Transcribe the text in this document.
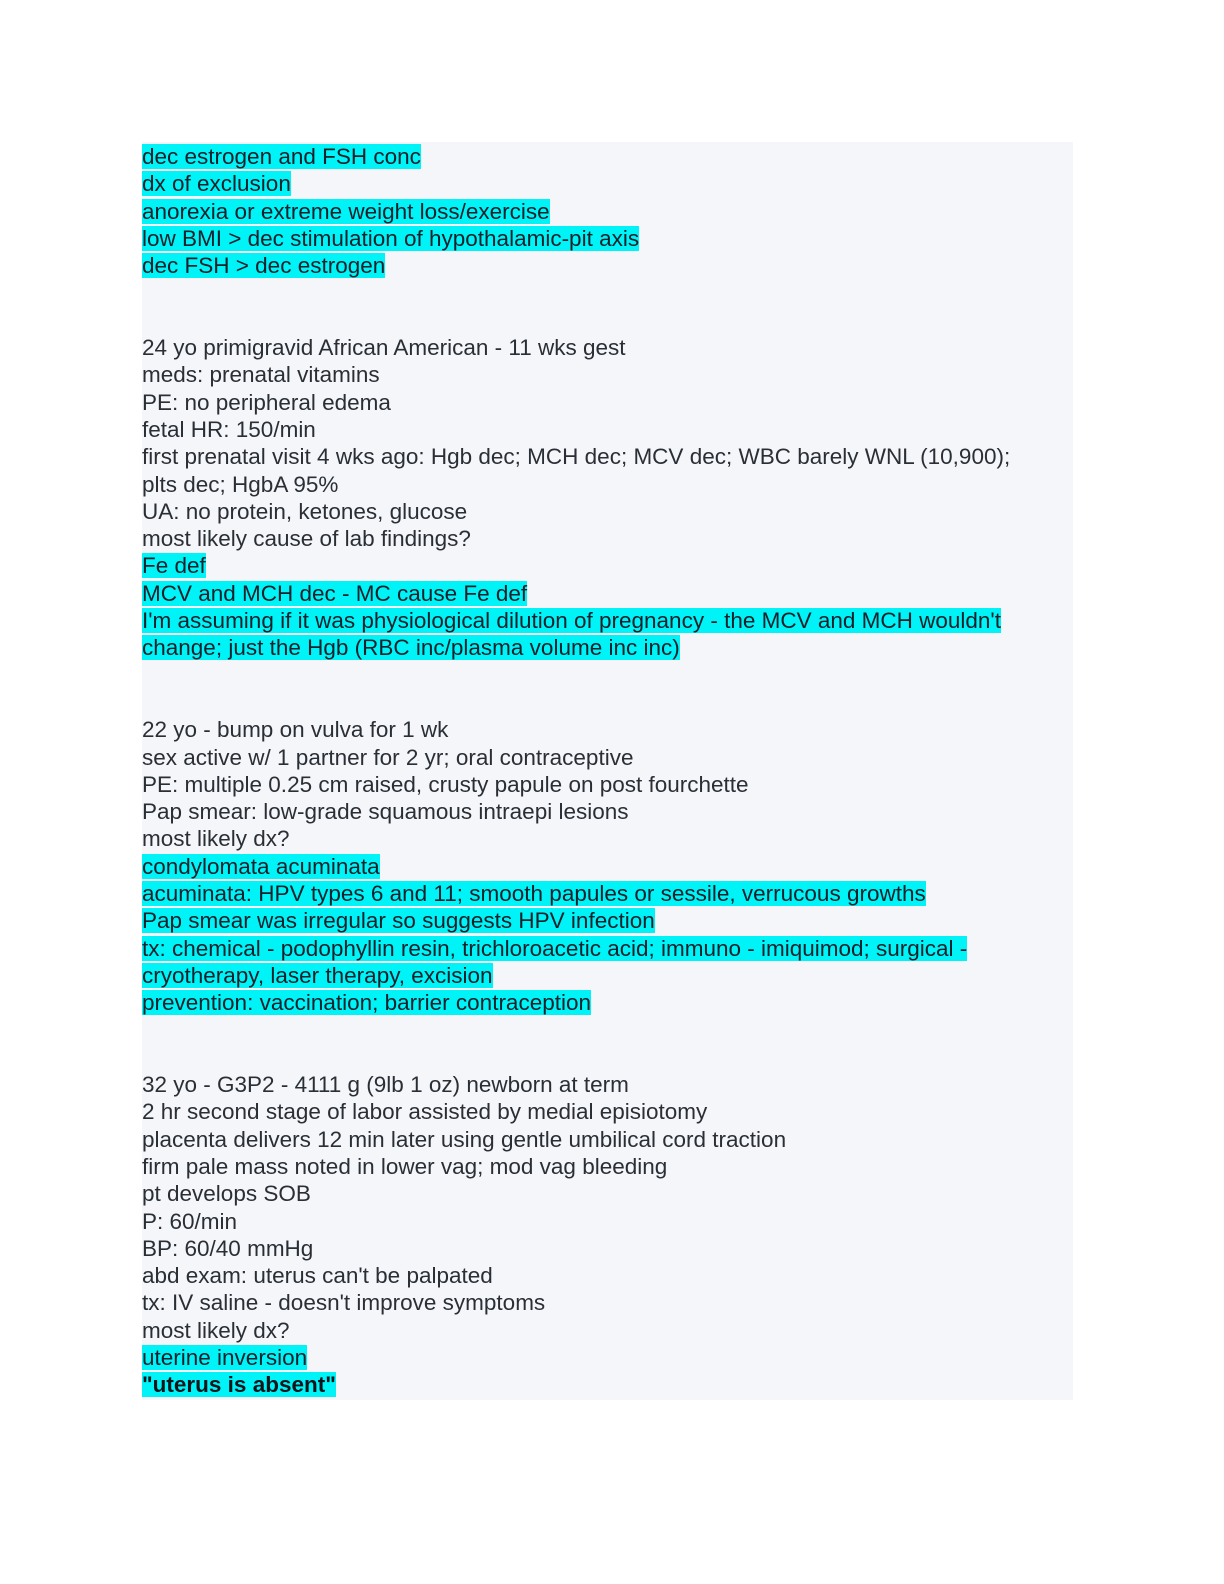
dec estrogen and FSH conc
dx of exclusion
anorexia or extreme weight loss/exercise
low BMI > dec stimulation of hypothalamic-pit axis
dec FSH > dec estrogen
24 yo primigravid African American - 11 wks gest
meds: prenatal vitamins
PE: no peripheral edema
fetal HR: 150/min
first prenatal visit 4 wks ago: Hgb dec; MCH dec; MCV dec; WBC barely WNL (10,900);
plts dec; HgbA 95%
UA: no protein, ketones, glucose
most likely cause of lab findings?
Fe def
MCV and MCH dec - MC cause Fe def
I'm assuming if it was physiological dilution of pregnancy - the MCV and MCH wouldn't
change; just the Hgb (RBC inc/plasma volume inc inc)
22 yo - bump on vulva for 1 wk
sex active w/ 1 partner for 2 yr; oral contraceptive
PE: multiple 0.25 cm raised, crusty papule on post fourchette
Pap smear: low-grade squamous intraepi lesions
most likely dx?
condylomata acuminata
acuminata: HPV types 6 and 11; smooth papules or sessile, verrucous growths
Pap smear was irregular so suggests HPV infection
tx: chemical - podophyllin resin, trichloroacetic acid; immuno - imiquimod; surgical -
cryotherapy, laser therapy, excision
prevention: vaccination; barrier contraception
32 yo - G3P2 - 4111 g (9lb 1 oz) newborn at term
2 hr second stage of labor assisted by medial episiotomy
placenta delivers 12 min later using gentle umbilical cord traction
firm pale mass noted in lower vag; mod vag bleeding
pt develops SOB
P: 60/min
BP: 60/40 mmHg
abd exam: uterus can't be palpated
tx: IV saline - doesn't improve symptoms
most likely dx?
uterine inversion
"uterus is absent"
